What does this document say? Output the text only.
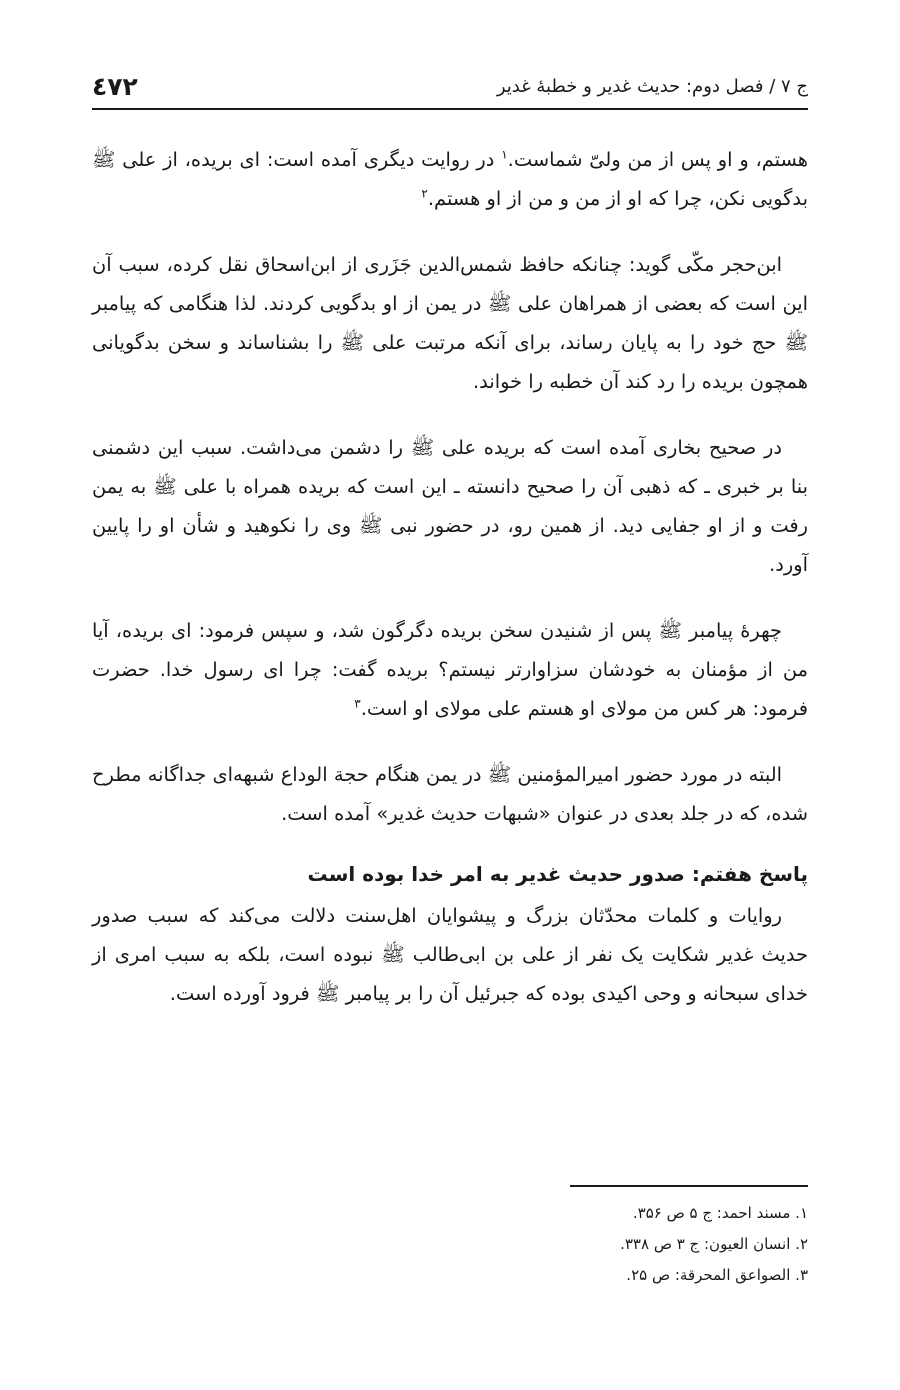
ج ۷ / فصل دوم: حدیث غدیر و خطبهٔ غدیر
٤٧٢

هستم، و او پس از من ولیّ شماست.$^۱$ در روایت دیگری آمده است: ای بریده، از علی ﷺ بدگویی نکن، چرا که او از من و من از او هستم.$^۲$

ابن‌حجر مکّی گوید: چنانکه حافظ شمس‌الدین جَزَری از ابن‌اسحاق نقل کرده، سبب آن این است که بعضی از همراهان علی ﷺ در یمن از او بدگویی کردند. لذا هنگامی که پیامبر ﷺ حج خود را به پایان رساند، برای آنکه مرتبت علی ﷺ را بشناساند و سخن بدگویانی همچون بریده را رد کند آن خطبه را خواند.

در صحیح بخاری آمده است که بریده علی ﷺ را دشمن می‌داشت. سبب این دشمنی بنا بر خبری ـ که ذهبی آن را صحیح دانسته ـ این است که بریده همراه با علی ﷺ به یمن رفت و از او جفایی دید. از همین رو، در حضور نبی ﷺ وی را نکوهید و شأن او را پایین آورد.

چهرهٔ پیامبر ﷺ پس از شنیدن سخن بریده دگرگون شد، و سپس فرمود: ای بریده، آیا من از مؤمنان به خودشان سزاوارتر نیستم؟ بریده گفت: چرا ای رسول خدا. حضرت فرمود: هر کس من مولای او هستم علی مولای او است.$^۳$

البته در مورد حضور امیرالمؤمنین ﷺ در یمن هنگام حجة الوداع شبهه‌ای جداگانه مطرح شده، که در جلد بعدی در عنوان «شبهات حدیث غدیر» آمده است.

پاسخ هفتم: صدور حدیث غدیر به امر خدا بوده است

روایات و کلمات محدّثان بزرگ و پیشوایان اهل‌سنت دلالت می‌کند که سبب صدور حدیث غدیر شکایت یک نفر از علی بن ابی‌طالب ﷺ نبوده است، بلکه به سبب امری از خدای سبحانه و وحی اکیدی بوده که جبرئیل آن را بر پیامبر ﷺ فرود آورده است.

۱. مسند احمد: ج ۵ ص ۳۵۶.
۲. انسان العیون: ج ۳ ص ۳۳۸.
۳. الصواعق المحرقة: ص ۲۵.
